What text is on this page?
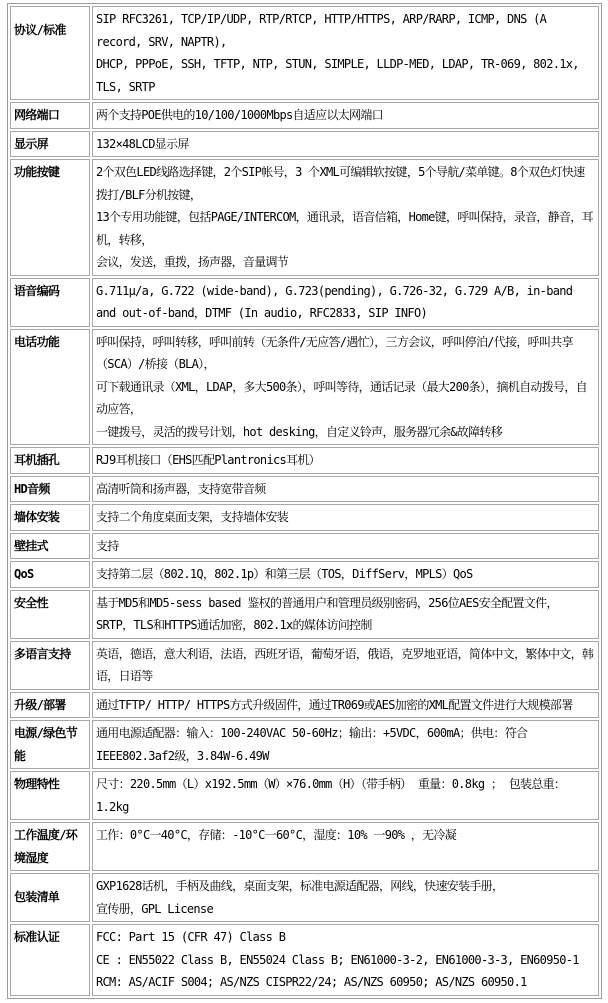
协议/标准	SIP RFC3261, TCP/IP/UDP, RTP/RTCP, HTTP/HTTPS, ARP/RARP, ICMP, DNS (A record, SRV, NAPTR),
DHCP, PPPoE, SSH, TFTP, NTP, STUN, SIMPLE, LLDP-MED, LDAP, TR-069, 802.1x, TLS, SRTP

网络端口	两个支持POE供电的10/100/1000Mbps自适应以太网端口

显示屏	132×48LCD显示屏

功能按键	2个双色LED线路选择键，2个SIP帐号，3 个XML可编辑软按键，5个导航/菜单键。8个双色灯快速拨打/BLF分机按键，
13个专用功能键，包括PAGE/INTERCOM，通讯录，语音信箱，Home键，呼叫保持，录音，静音，耳机，转移，
会议，发送，重拨，扬声器，音量调节

语音编码	G.711μ/a, G.722 (wide-band), G.723(pending), G.726-32, G.729 A/B, in-band and out-of-band，DTMF (In audio, RFC2833, SIP INFO)

电话功能	呼叫保持，呼叫转移，呼叫前转（无条件/无应答/遇忙），三方会议，呼叫停泊/代接，呼叫共享（SCA）/桥接（BLA），
可下载通讯录（XML，LDAP，多大500条），呼叫等待，通话记录（最大200条），摘机自动拨号，自动应答，
一键拨号，灵活的拨号计划，hot desking，自定义铃声，服务器冗余&故障转移

耳机插孔	RJ9耳机接口（EHS匹配Plantronics耳机）

HD音频	高清听筒和扬声器，支持宽带音频

墙体安装	支持二个角度桌面支架，支持墙体安装

壁挂式	支持

QoS	支持第二层（802.1Q，802.1p）和第三层（TOS，DiffServ，MPLS）QoS

安全性	基于MD5和MD5-sess based 鉴权的普通用户和管理员级别密码，256位AES安全配置文件，SRTP，TLS和HTTPS通话加密，802.1x的媒体访问控制

多语言支持	英语，德语，意大利语，法语，西班牙语，葡萄牙语，俄语，克罗地亚语，简体中文，繁体中文，韩语，日语等

升级/部署	通过TFTP/ HTTP/ HTTPS方式升级固件，通过TR069或AES加密的XML配置文件进行大规模部署

电源/绿色节能	通用电源适配器：输入：100-240VAC 50-60Hz；输出：+5VDC，600mA；供电：符合IEEE802.3af2级，3.84W-6.49W

物理特性	尺寸：220.5mm（L）x192.5mm（W）×76.0mm（H）（带手柄） 重量：0.8kg ； 包装总重：1.2kg

工作温度/环境湿度	工作：0°C一40°C，存储：-10°C一60°C，湿度：10% 一90% ，无冷凝

包装清单	GXP1628话机，手柄及曲线，桌面支架，标准电源适配器，网线，快速安装手册，
宣传册，GPL License

标准认证	FCC: Part 15 (CFR 47) Class B
CE : EN55022 Class B, EN55024 Class B; EN61000-3-2, EN61000-3-3, EN60950-1
RCM: AS/ACIF S004; AS/NZS CISPR22/24; AS/NZS 60950; AS/NZS 60950.1
